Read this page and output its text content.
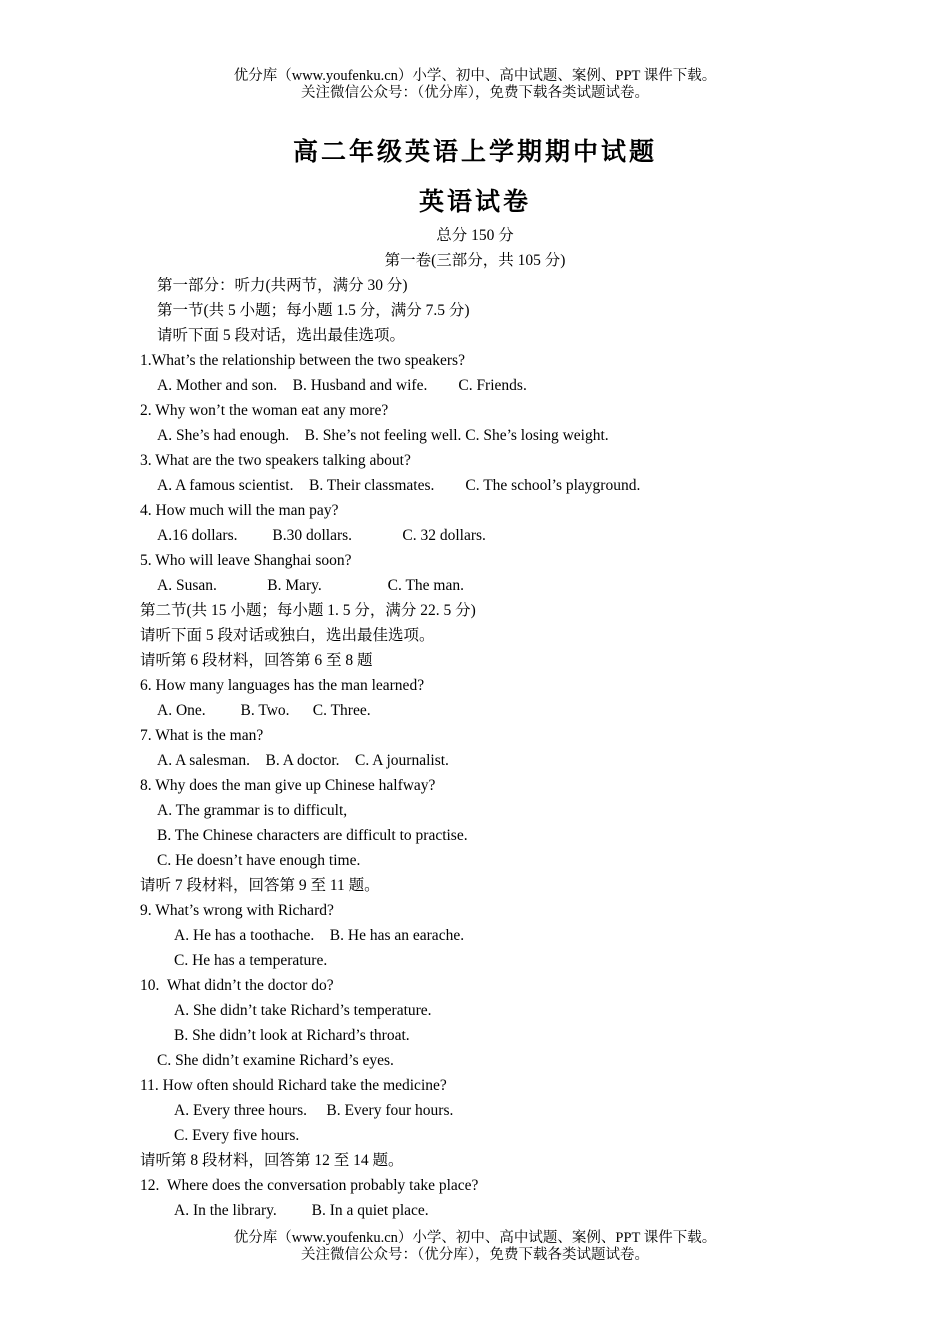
优分库（www.youfenku.cn）小学、初中、高中试题、案例、PPT 课件下载。
关注微信公众号：（优分库），免费下载各类试题试卷。
高二年级英语上学期期中试题
英语试卷
总分 150 分
第一卷(三部分，共 105 分)
第一部分：听力(共两节，满分 30 分)
第一节(共 5 小题；每小题 1.5 分，满分 7.5 分)
请听下面 5 段对话，选出最佳选项。
1.What’s the relationship between the two speakers?
A. Mother and son.    B. Husband and wife.        C. Friends.
2. Why won’t the woman eat any more?
A. She’s had enough.    B. She’s not feeling well. C. She’s losing weight.
3. What are the two speakers talking about?
A. A famous scientist.    B. Their classmates.        C. The school’s playground.
4. How much will the man pay?
A.16 dollars.         B.30 dollars.             C. 32 dollars.
5. Who will leave Shanghai soon?
A. Susan.             B. Mary.                 C. The man.
第二节(共 15 小题；每小题 1. 5 分，满分 22. 5 分)
请听下面 5 段对话或独白，选出最佳选项。
请听第 6 段材料，回答第 6 至 8 题
6. How many languages has the man learned?
A. One.         B. Two.      C. Three.
7. What is the man?
A. A salesman.    B. A doctor.    C. A journalist.
8. Why does the man give up Chinese halfway?
A. The grammar is to difficult,
B. The Chinese characters are difficult to practise.
C. He doesn’t have enough time.
请听 7 段材料，回答第 9 至 11 题。
9. What’s wrong with Richard?
A. He has a toothache.    B. He has an earache.
C. He has a temperature.
10.  What didn’t the doctor do?
A. She didn’t take Richard’s temperature.
B. She didn’t look at Richard’s throat.
C. She didn’t examine Richard’s eyes.
11. How often should Richard take the medicine?
A. Every three hours.     B. Every four hours.
C. Every five hours.
请听第 8 段材料，回答第 12 至 14 题。
12.  Where does the conversation probably take place?
A. In the library.         B. In a quiet place.
优分库（www.youfenku.cn）小学、初中、高中试题、案例、PPT 课件下载。
关注微信公众号：（优分库），免费下载各类试题试卷。
